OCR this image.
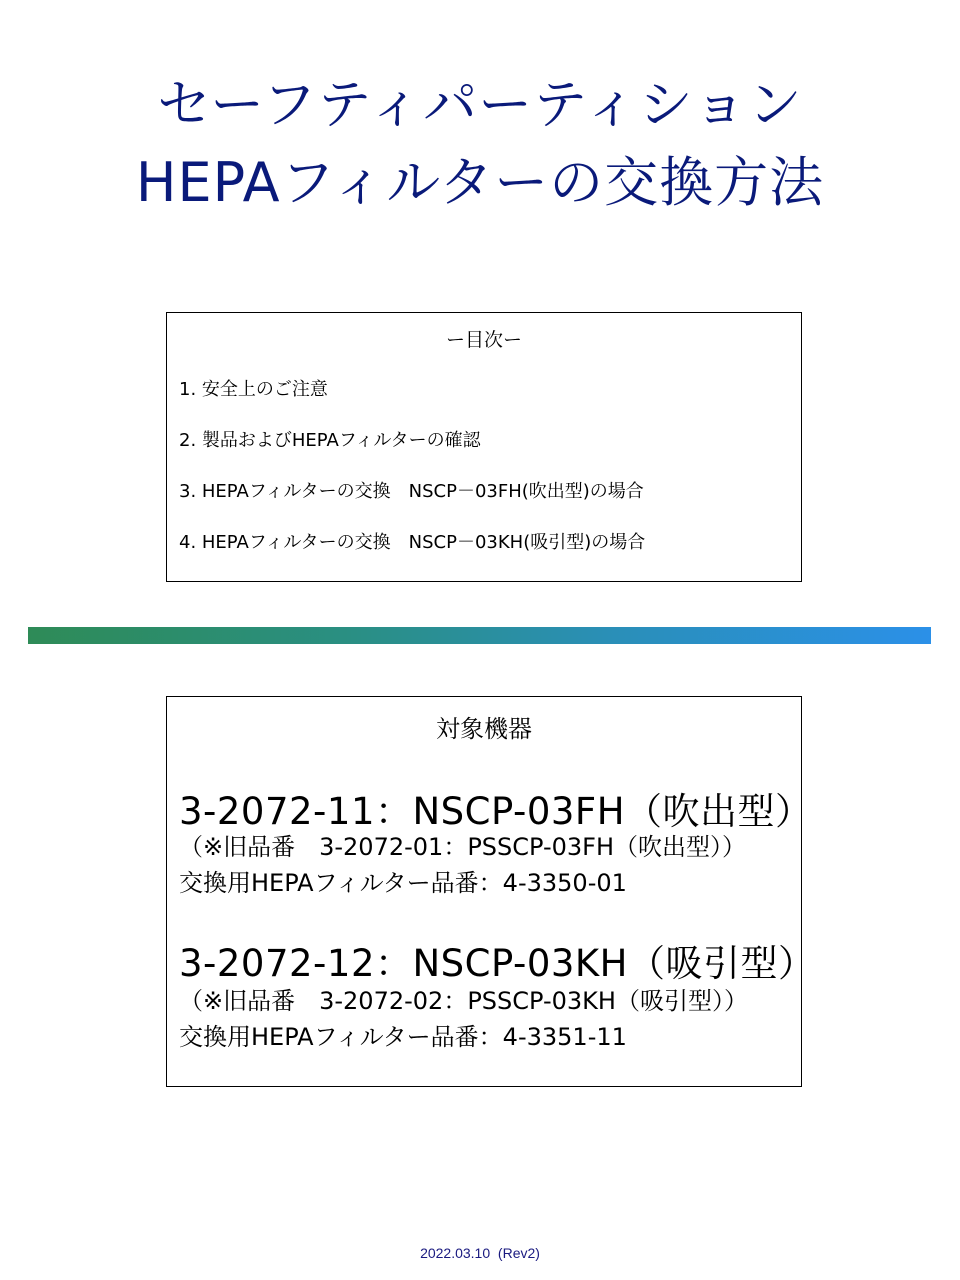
セーフティパーティション
HEPAフィルターの交換方法
ー目次ー
1. 安全上のご注意
2. 製品およびHEPAフィルターの確認
3. HEPAフィルターの交換　NSCP－03FH(吹出型)の場合
4. HEPAフィルターの交換　NSCP－03KH(吸引型)の場合
対象機器
3-2072-11：NSCP-03FH（吹出型）
（※旧品番　3-2072-01：PSSCP-03FH（吹出型））
交換用HEPAフィルター品番：4-3350-01
3-2072-12：NSCP-03KH（吸引型）
（※旧品番　3-2072-02：PSSCP-03KH（吸引型））
交換用HEPAフィルター品番：4-3351-11
2022.03.10 (Rev2)
